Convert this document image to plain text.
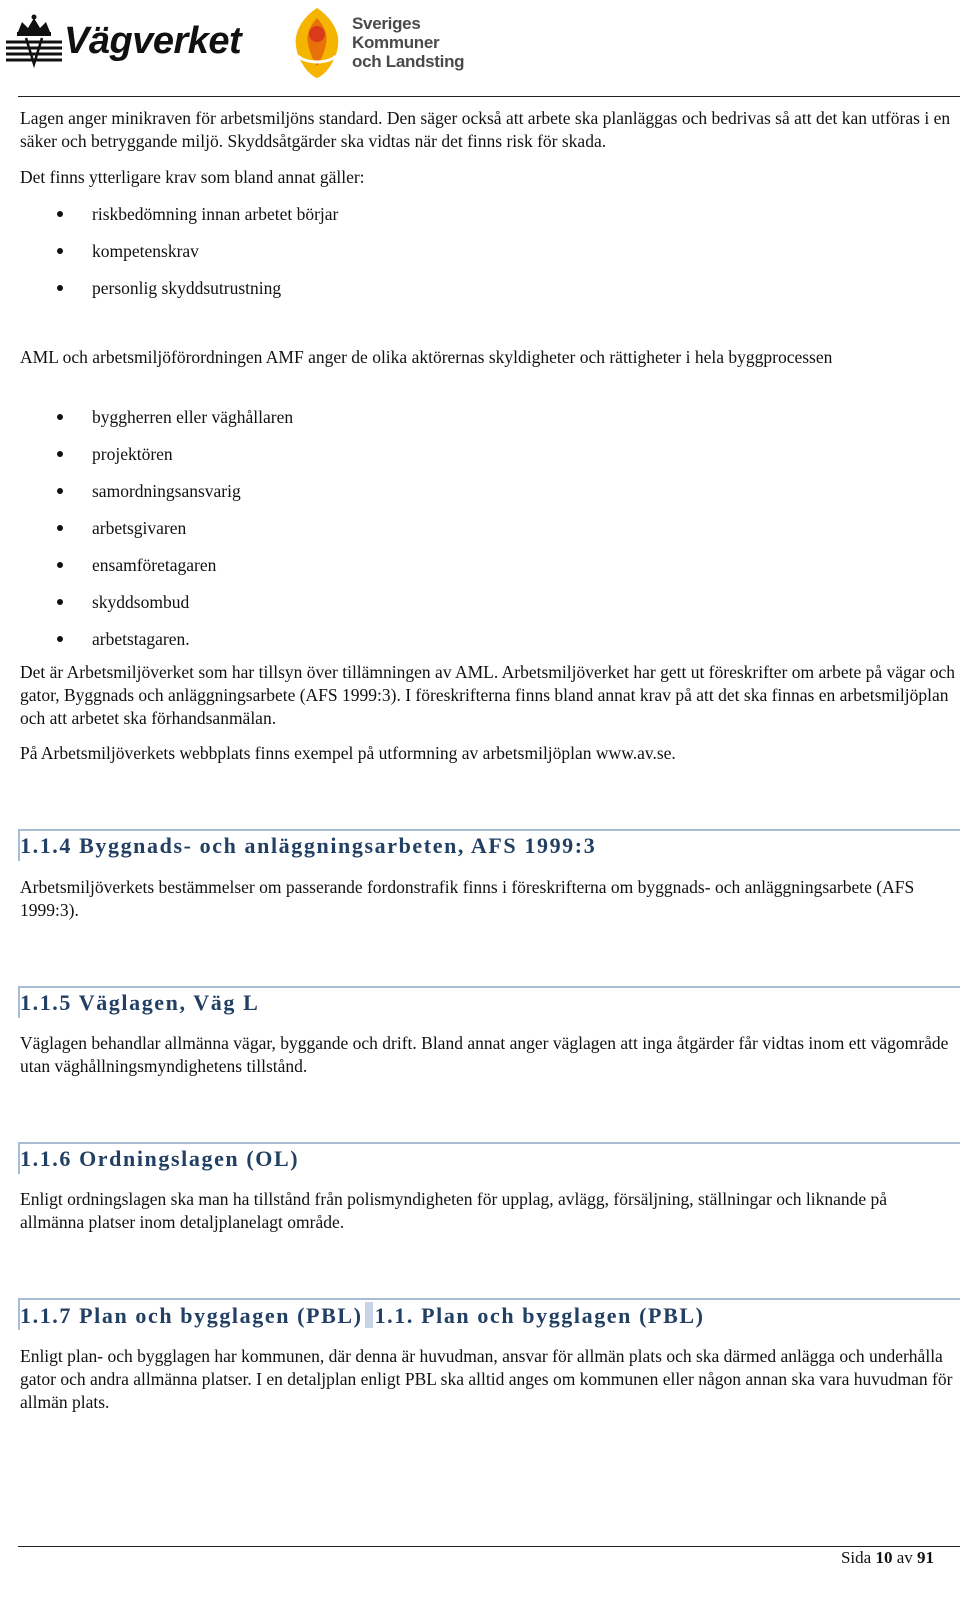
Vägverket	Sveriges
Kommuner
och Landsting

Lagen anger minikraven för arbetsmiljöns standard. Den säger också att arbete ska planläggas och bedrivas så att det kan utföras i en säker och betryggande miljö. Skyddsåtgärder ska vidtas när det finns risk för skada.

Det finns ytterligare krav som bland annat gäller:

riskbedömning innan arbetet börjar
kompetenskrav
personlig skyddsutrustning

AML och arbetsmiljöförordningen AMF anger de olika aktörernas skyldigheter och rättigheter i hela byggprocessen

byggherren eller väghållaren
projektören
samordningsansvarig
arbetsgivaren
ensamföretagaren
skyddsombud
arbetstagaren.

Det är Arbetsmiljöverket som har tillsyn över tillämningen av AML. Arbetsmiljöverket har gett ut föreskrifter om arbete på vägar och gator, Byggnads och anläggningsarbete (AFS 1999:3). I föreskrifterna finns bland annat krav på att det ska finnas en arbetsmiljöplan och att arbetet ska förhandsanmälan.

På Arbetsmiljöverkets webbplats finns exempel på utformning av arbetsmiljöplan www.av.se.

1.1.4 Byggnads- och anläggningsarbeten, AFS 1999:3

Arbetsmiljöverkets bestämmelser om passerande fordonstrafik finns i föreskrifterna om byggnads- och anläggningsarbete (AFS 1999:3).

1.1.5 Väglagen, Väg L

Väglagen behandlar allmänna vägar, byggande och drift. Bland annat anger väglagen att inga åtgärder får vidtas inom ett vägområde utan väghållningsmyndighetens tillstånd.

1.1.6 Ordningslagen (OL)

Enligt ordningslagen ska man ha tillstånd från polismyndigheten för upplag, avlägg, försäljning, ställningar och liknande på allmänna platser inom detaljplanelagt område.

1.1.7 Plan och bygglagen (PBL) 1.1. Plan och bygglagen (PBL)

Enligt plan- och bygglagen har kommunen, där denna är huvudman, ansvar för allmän plats och ska därmed anlägga och underhålla gator och andra allmänna platser. I en detaljplan enligt PBL ska alltid anges om kommunen eller någon annan ska vara huvudman för allmän plats.

Sida 10 av 91
